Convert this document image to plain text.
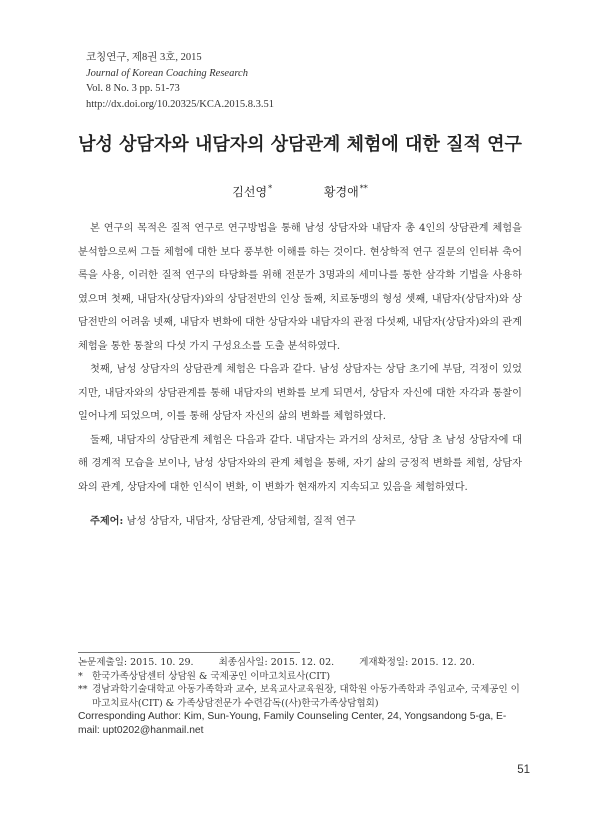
코칭연구, 제8권 3호, 2015
Journal of Korean Coaching Research
Vol. 8 No. 3 pp. 51-73
http://dx.doi.org/10.20325/KCA.2015.8.3.51
남성 상담자와 내담자의 상담관계 체험에 대한 질적 연구
김선영*	황경애**

본 연구의 목적은 질적 연구로 연구방법을 통해 남성 상담자와 내담자 총 4인의 상담관계 체험을 분석함으로써 그들 체험에 대한 보다 풍부한 이해를 하는 것이다. 현상학적 연구 질문의 인터뷰 축어록을 사용, 이러한 질적 연구의 타당화를 위해 전문가 3명과의 세미나를 통한 삼각화 기법을 사용하였으며 첫째, 내담자(상담자)와의 상담전반의 인상 둘째, 치료동맹의 형성 셋째, 내담자(상담자)와 상담전반의 어려움 넷째, 내담자 변화에 대한 상담자와 내담자의 관점 다섯째, 내담자(상담자)와의 관계체험을 통한 통찰의 다섯 가지 구성요소를 도출 분석하였다.

첫째, 남성 상담자의 상담관계 체험은 다음과 같다. 남성 상담자는 상담 초기에 부담, 걱정이 있었지만, 내담자와의 상담관계를 통해 내담자의 변화를 보게 되면서, 상담자 자신에 대한 자각과 통찰이 일어나게 되었으며, 이를 통해 상담자 자신의 삶의 변화를 체험하였다.

둘째, 내담자의 상담관계 체험은 다음과 같다. 내담자는 과거의 상처로, 상담 초 남성 상담자에 대해 경계적 모습을 보이나, 남성 상담자와의 관계 체험을 통해, 자기 삶의 긍정적 변화를 체험, 상담자와의 관계, 상담자에 대한 인식이 변화, 이 변화가 현재까지 지속되고 있음을 체험하였다.

주제어: 남성 상담자, 내담자, 상담관계, 상담체험, 질적 연구
논문제출일: 2015. 10. 29.	최종심사일: 2015. 12. 02.	게재확정일: 2015. 12. 20.
* 한국가족상담센터 상담원 & 국제공인 이마고치료사(CIT)
** 경남과학기술대학교 아동가족학과 교수, 보육교사교육원장, 대학원 아동가족학과 주임교수, 국제공인 이마고치료사(CIT) & 가족상담전문가 수련감독((사)한국가족상담협회)
Corresponding Author: Kim, Sun-Young, Family Counseling Center, 24, Yongsandong 5-ga, E-mail: upt0202@hanmail.net
51
